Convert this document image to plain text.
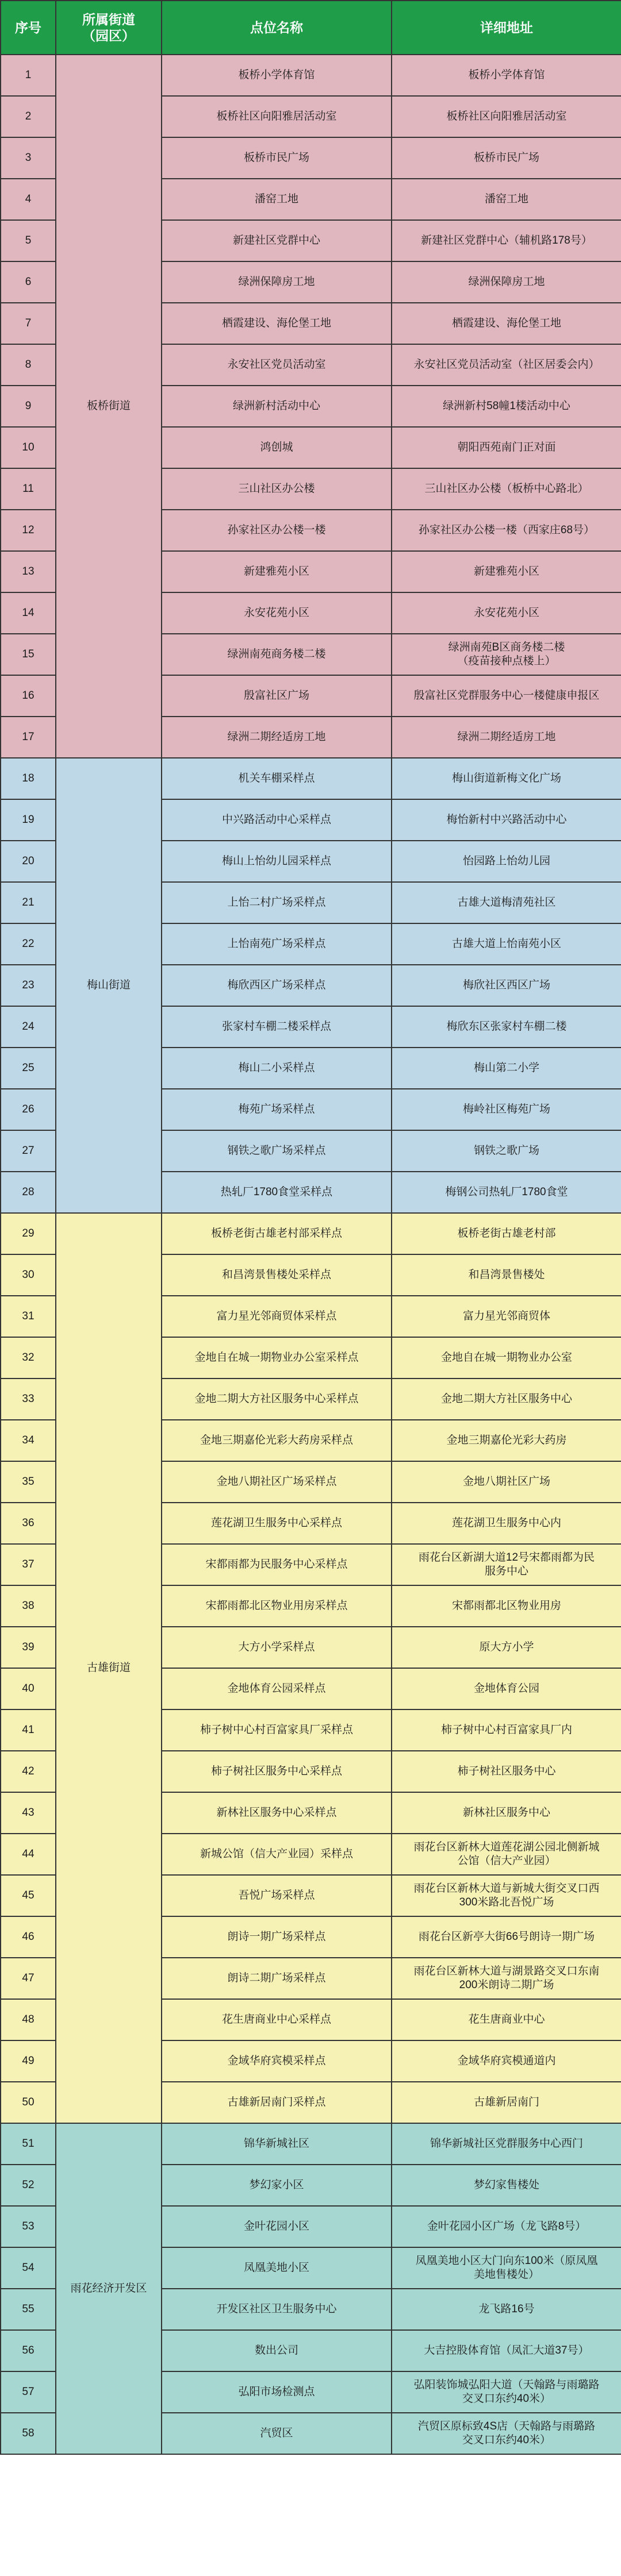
序号	所属街道
（园区）	点位名称	详细地址
1	板桥街道	板桥小学体育馆	板桥小学体育馆
2		板桥社区向阳雅居活动室	板桥社区向阳雅居活动室
3		板桥市民广场	板桥市民广场
4		潘窑工地	潘窑工地
5		新建社区党群中心	新建社区党群中心（辅机路178号）
6		绿洲保障房工地	绿洲保障房工地
7		栖霞建设、海伦堡工地	栖霞建设、海伦堡工地
8		永安社区党员活动室	永安社区党员活动室（社区居委会内）
9		绿洲新村活动中心	绿洲新村58幢1楼活动中心
10		鸿创城	朝阳西苑南门正对面
11		三山社区办公楼	三山社区办公楼（板桥中心路北）
12		孙家社区办公楼一楼	孙家社区办公楼一楼（西家庄68号）
13		新建雅苑小区	新建雅苑小区
14		永安花苑小区	永安花苑小区
15		绿洲南苑商务楼二楼	绿洲南苑B区商务楼二楼
（疫苗接种点楼上）
16		殷富社区广场	殷富社区党群服务中心一楼健康申报区
17		绿洲二期经适房工地	绿洲二期经适房工地
18	梅山街道	机关车棚采样点	梅山街道新梅文化广场
19		中兴路活动中心采样点	梅怡新村中兴路活动中心
20		梅山上怡幼儿园采样点	怡园路上怡幼儿园
21		上怡二村广场采样点	古雄大道梅清苑社区
22		上怡南苑广场采样点	古雄大道上怡南苑小区
23		梅欣西区广场采样点	梅欣社区西区广场
24		张家村车棚二楼采样点	梅欣东区张家村车棚二楼
25		梅山二小采样点	梅山第二小学
26		梅苑广场采样点	梅岭社区梅苑广场
27		钢铁之歌广场采样点	钢铁之歌广场
28		热轧厂1780食堂采样点	梅钢公司热轧厂1780食堂
29	古雄街道	板桥老街古雄老村部采样点	板桥老街古雄老村部
30		和昌湾景售楼处采样点	和昌湾景售楼处
31		富力星光邻商贸体采样点	富力星光邻商贸体
32		金地自在城一期物业办公室采样点	金地自在城一期物业办公室
33		金地二期大方社区服务中心采样点	金地二期大方社区服务中心
34		金地三期嘉伦光彩大药房采样点	金地三期嘉伦光彩大药房
35		金地八期社区广场采样点	金地八期社区广场
36		莲花湖卫生服务中心采样点	莲花湖卫生服务中心内
37		宋都雨都为民服务中心采样点	雨花台区新湖大道12号宋都雨都为民
服务中心
38		宋都雨都北区物业用房采样点	宋都雨都北区物业用房
39		大方小学采样点	原大方小学
40		金地体育公园采样点	金地体育公园
41		柿子树中心村百富家具厂采样点	柿子树中心村百富家具厂内
42		柿子树社区服务中心采样点	柿子树社区服务中心
43		新林社区服务中心采样点	新林社区服务中心
44		新城公馆（信大产业园）采样点	雨花台区新林大道莲花湖公园北侧新城
公馆（信大产业园）
45		吾悦广场采样点	雨花台区新林大道与新城大街交叉口西
300米路北吾悦广场
46		朗诗一期广场采样点	雨花台区新亭大街66号朗诗一期广场
47		朗诗二期广场采样点	雨花台区新林大道与湖景路交叉口东南
200米朗诗二期广场
48		花生唐商业中心采样点	花生唐商业中心
49		金域华府宾模采样点	金域华府宾模通道内
50		古雄新居南门采样点	古雄新居南门
51	雨花经济开发区	锦华新城社区	锦华新城社区党群服务中心西门
52		梦幻家小区	梦幻家售楼处
53		金叶花园小区	金叶花园小区广场（龙飞路8号）
54		凤凰美地小区	凤凰美地小区大门向东100米（原凤凰
美地售楼处）
55		开发区社区卫生服务中心	龙飞路16号
56		数出公司	大吉控股体育馆（凤汇大道37号）
57		弘阳市场检测点	弘阳装饰城弘阳大道（天翰路与雨璐路
交叉口东约40米）
58		汽贸区	汽贸区原标致4S店（天翰路与雨璐路
交叉口东约40米）
